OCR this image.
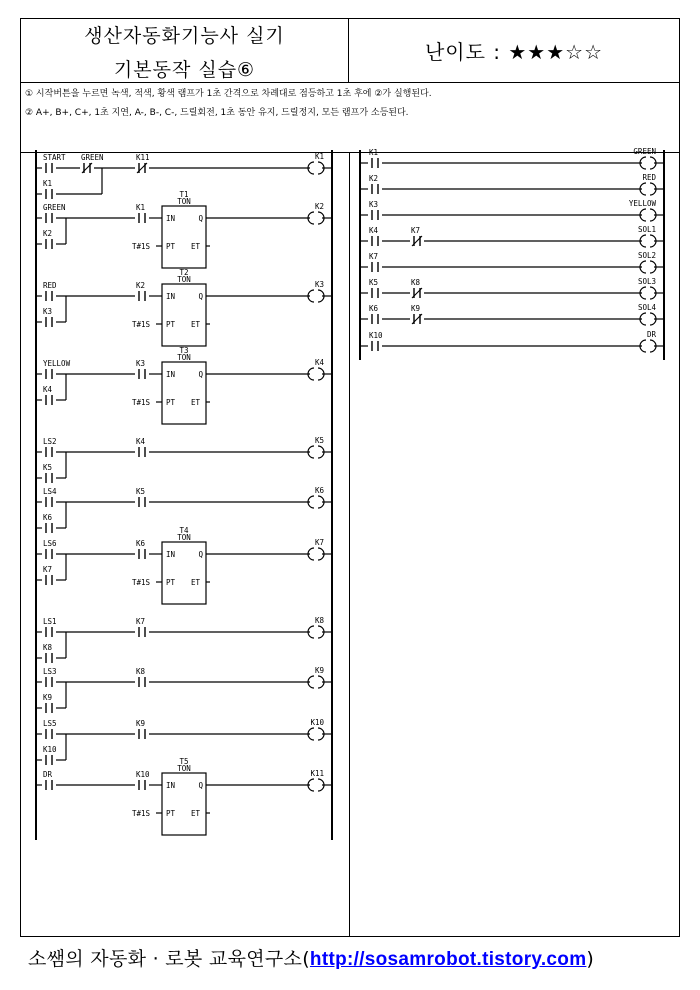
생산자동화기능사 실기
기본동작 실습⑥
난이도 : ★★★☆☆
① 시작버튼을 누르면 녹색, 적색, 황색 램프가 1초 간격으로 차례대로 점등하고 1초 후에 ②가 실행된다.
② A+, B+, C+, 1초 지연, A-, B-, C-, 드릴회전, 1초 동안 유지, 드릴정지, 모든 램프가 소등된다.
START GREEN	K11	K1
K1
GREEN	K1
T1
TON
IN	Q
PT ET
T#1S
K2
K2
RED	K2
T2
TON
IN	Q
PT ET
T#1S
K3
K3
YELLOW	K3
T3
TON
IN	Q
PT ET
T#1S
K4
K4
LS2	K4	K5
K5
LS4	K5	K6
K6
LS6	K6
T4
TON
IN	Q
PT ET
T#1S
K7
K7
LS1	K7	K8
K8
LS3	K8	K9
K9
LS5	K9	K10
K10
DR	K10
T5
TON
IN	Q
PT ET
T#1S
K11
K1	GREEN
K2	RED
K3	YELLOW
K4	K7	SOL1
K7	SOL2
K5	K8	SOL3
K6	K9	SOL4
K10	DR
소쌤의 자동화 · 로봇 교육연구소(http://sosamrobot.tistory.com)
